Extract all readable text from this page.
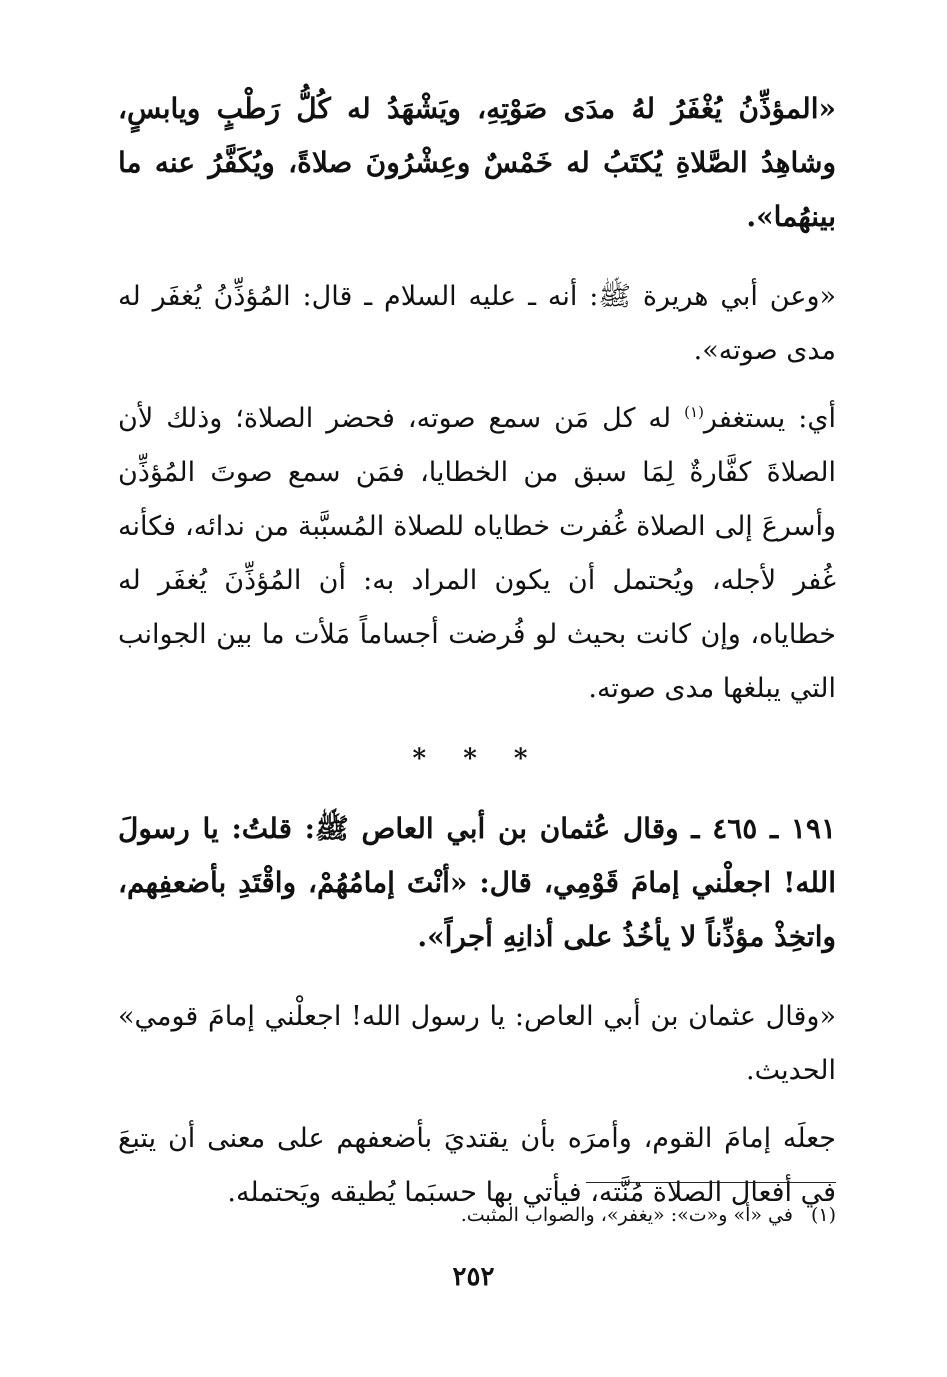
«المؤذِّنُ يُغْفَرُ لهُ مدَى صَوْتِهِ، ويَشْهَدُ له كُلُّ رَطْبٍ ويابسٍ، وشاهِدُ الصَّلاةِ يُكتَبُ له خَمْسٌ وعِشْرُونَ صلاةً، ويُكَفَّرُ عنه ما بينهُما».

«وعن أبي هريرة ﷺ: أنه ـ عليه السلام ـ قال: المُؤذِّنُ يُغفَر له مدى صوته».

أي: يستغفر$^{(١)}$ له كل مَن سمع صوته، فحضر الصلاة؛ وذلك لأن الصلاةَ كفَّارةٌ لِمَا سبق من الخطايا، فمَن سمع صوتَ المُؤذِّن وأسرعَ إلى الصلاة غُفرت خطاياه للصلاة المُسبَّبة من ندائه، فكأنه غُفر لأجله، ويُحتمل أن يكون المراد به: أن المُؤذِّنَ يُغفَر له خطاياه، وإن كانت بحيث لو فُرضت أجساماً مَلأت ما بين الجوانب التي يبلغها مدى صوته.

* * *

١٩١ ـ ٤٦٥ ـ وقال عُثمان بن أبي العاص ﷺ: قلتُ: يا رسولَ الله! اجعلْني إمامَ قَوْمِي، قال: «أنْتَ إمامُهُمْ، واقْتَدِ بأضعفِهم، واتخِذْ مؤذِّناً لا يأخُذُ على أذانِهِ أجراً».

«وقال عثمان بن أبي العاص: يا رسول الله! اجعلْني إمامَ قومي» الحديث.

جعلَه إمامَ القوم، وأمرَه بأن يقتديَ بأضعفهم على معنى أن يتبعَ في أفعال الصلاة مُنَّته، فيأتي بها حسبَما يُطيقه ويَحتمله.

(١)في «أ» و«ت»: «يغفر»، والصواب المثبت.
٢٥٢
